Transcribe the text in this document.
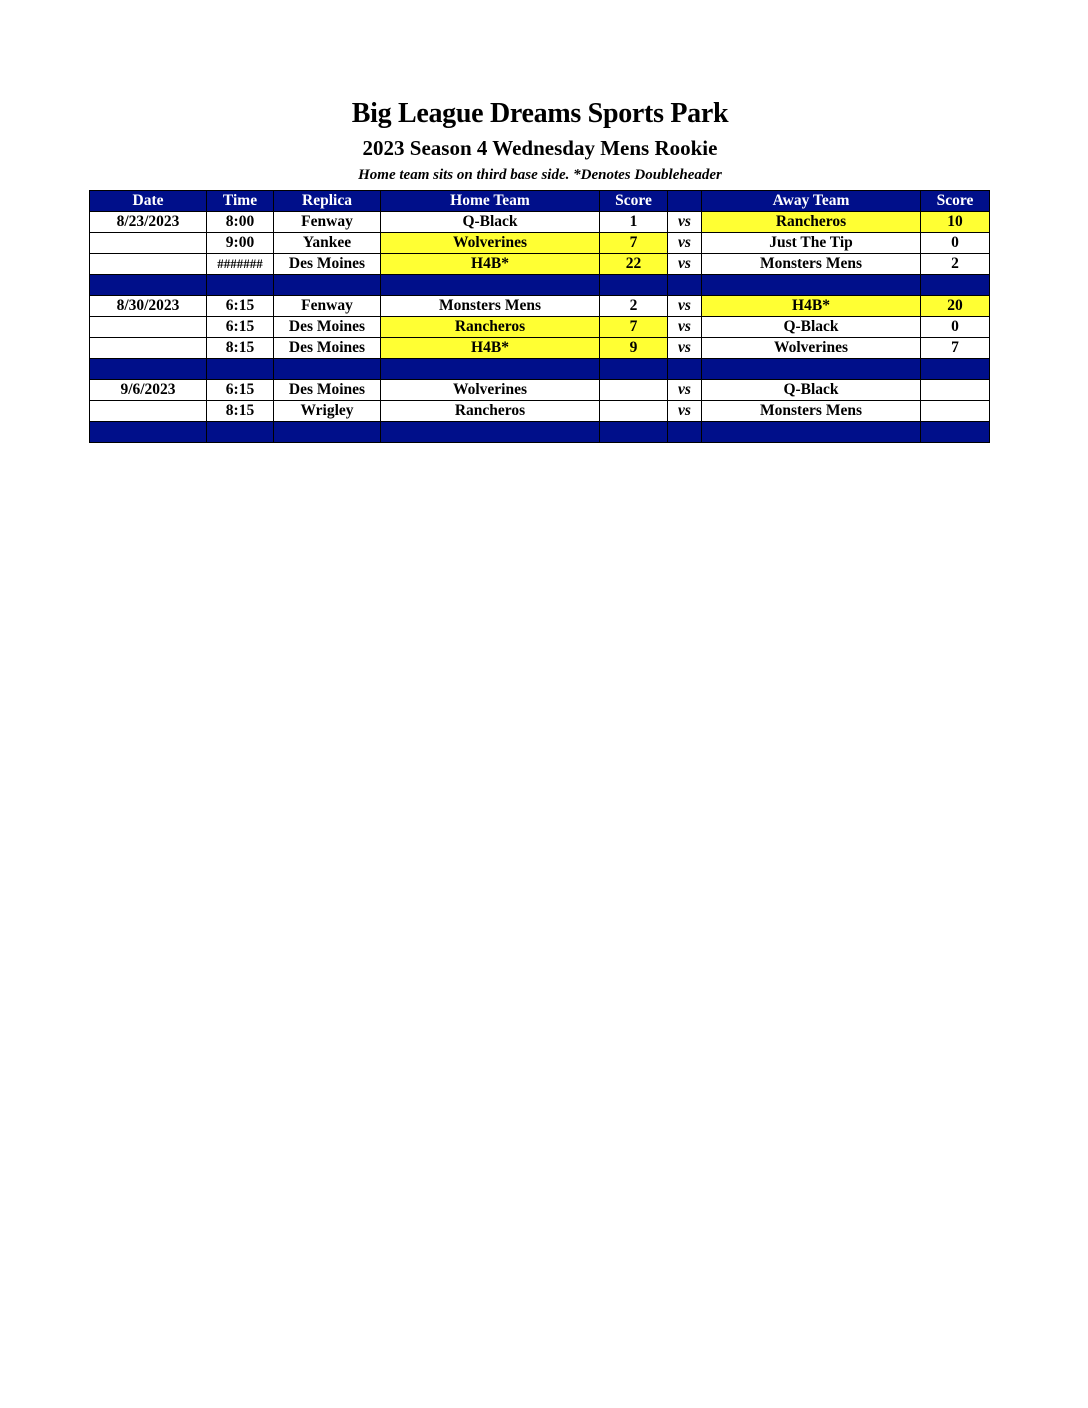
Big League Dreams Sports Park
2023 Season 4 Wednesday Mens Rookie
Home team sits on third base side. *Denotes Doubleheader
Date	Time	Replica	Home Team	Score		Away Team	Score
8/23/2023	8:00	Fenway	Q-Black	1	vs	Rancheros	10
	9:00	Yankee	Wolverines	7	vs	Just The Tip	0
	#######	Des Moines	H4B*	22	vs	Monsters Mens	2

8/30/2023	6:15	Fenway	Monsters Mens	2	vs	H4B*	20
	6:15	Des Moines	Rancheros	7	vs	Q-Black	0
	8:15	Des Moines	H4B*	9	vs	Wolverines	7

9/6/2023	6:15	Des Moines	Wolverines		vs	Q-Black	
	8:15	Wrigley	Rancheros		vs	Monsters Mens	
